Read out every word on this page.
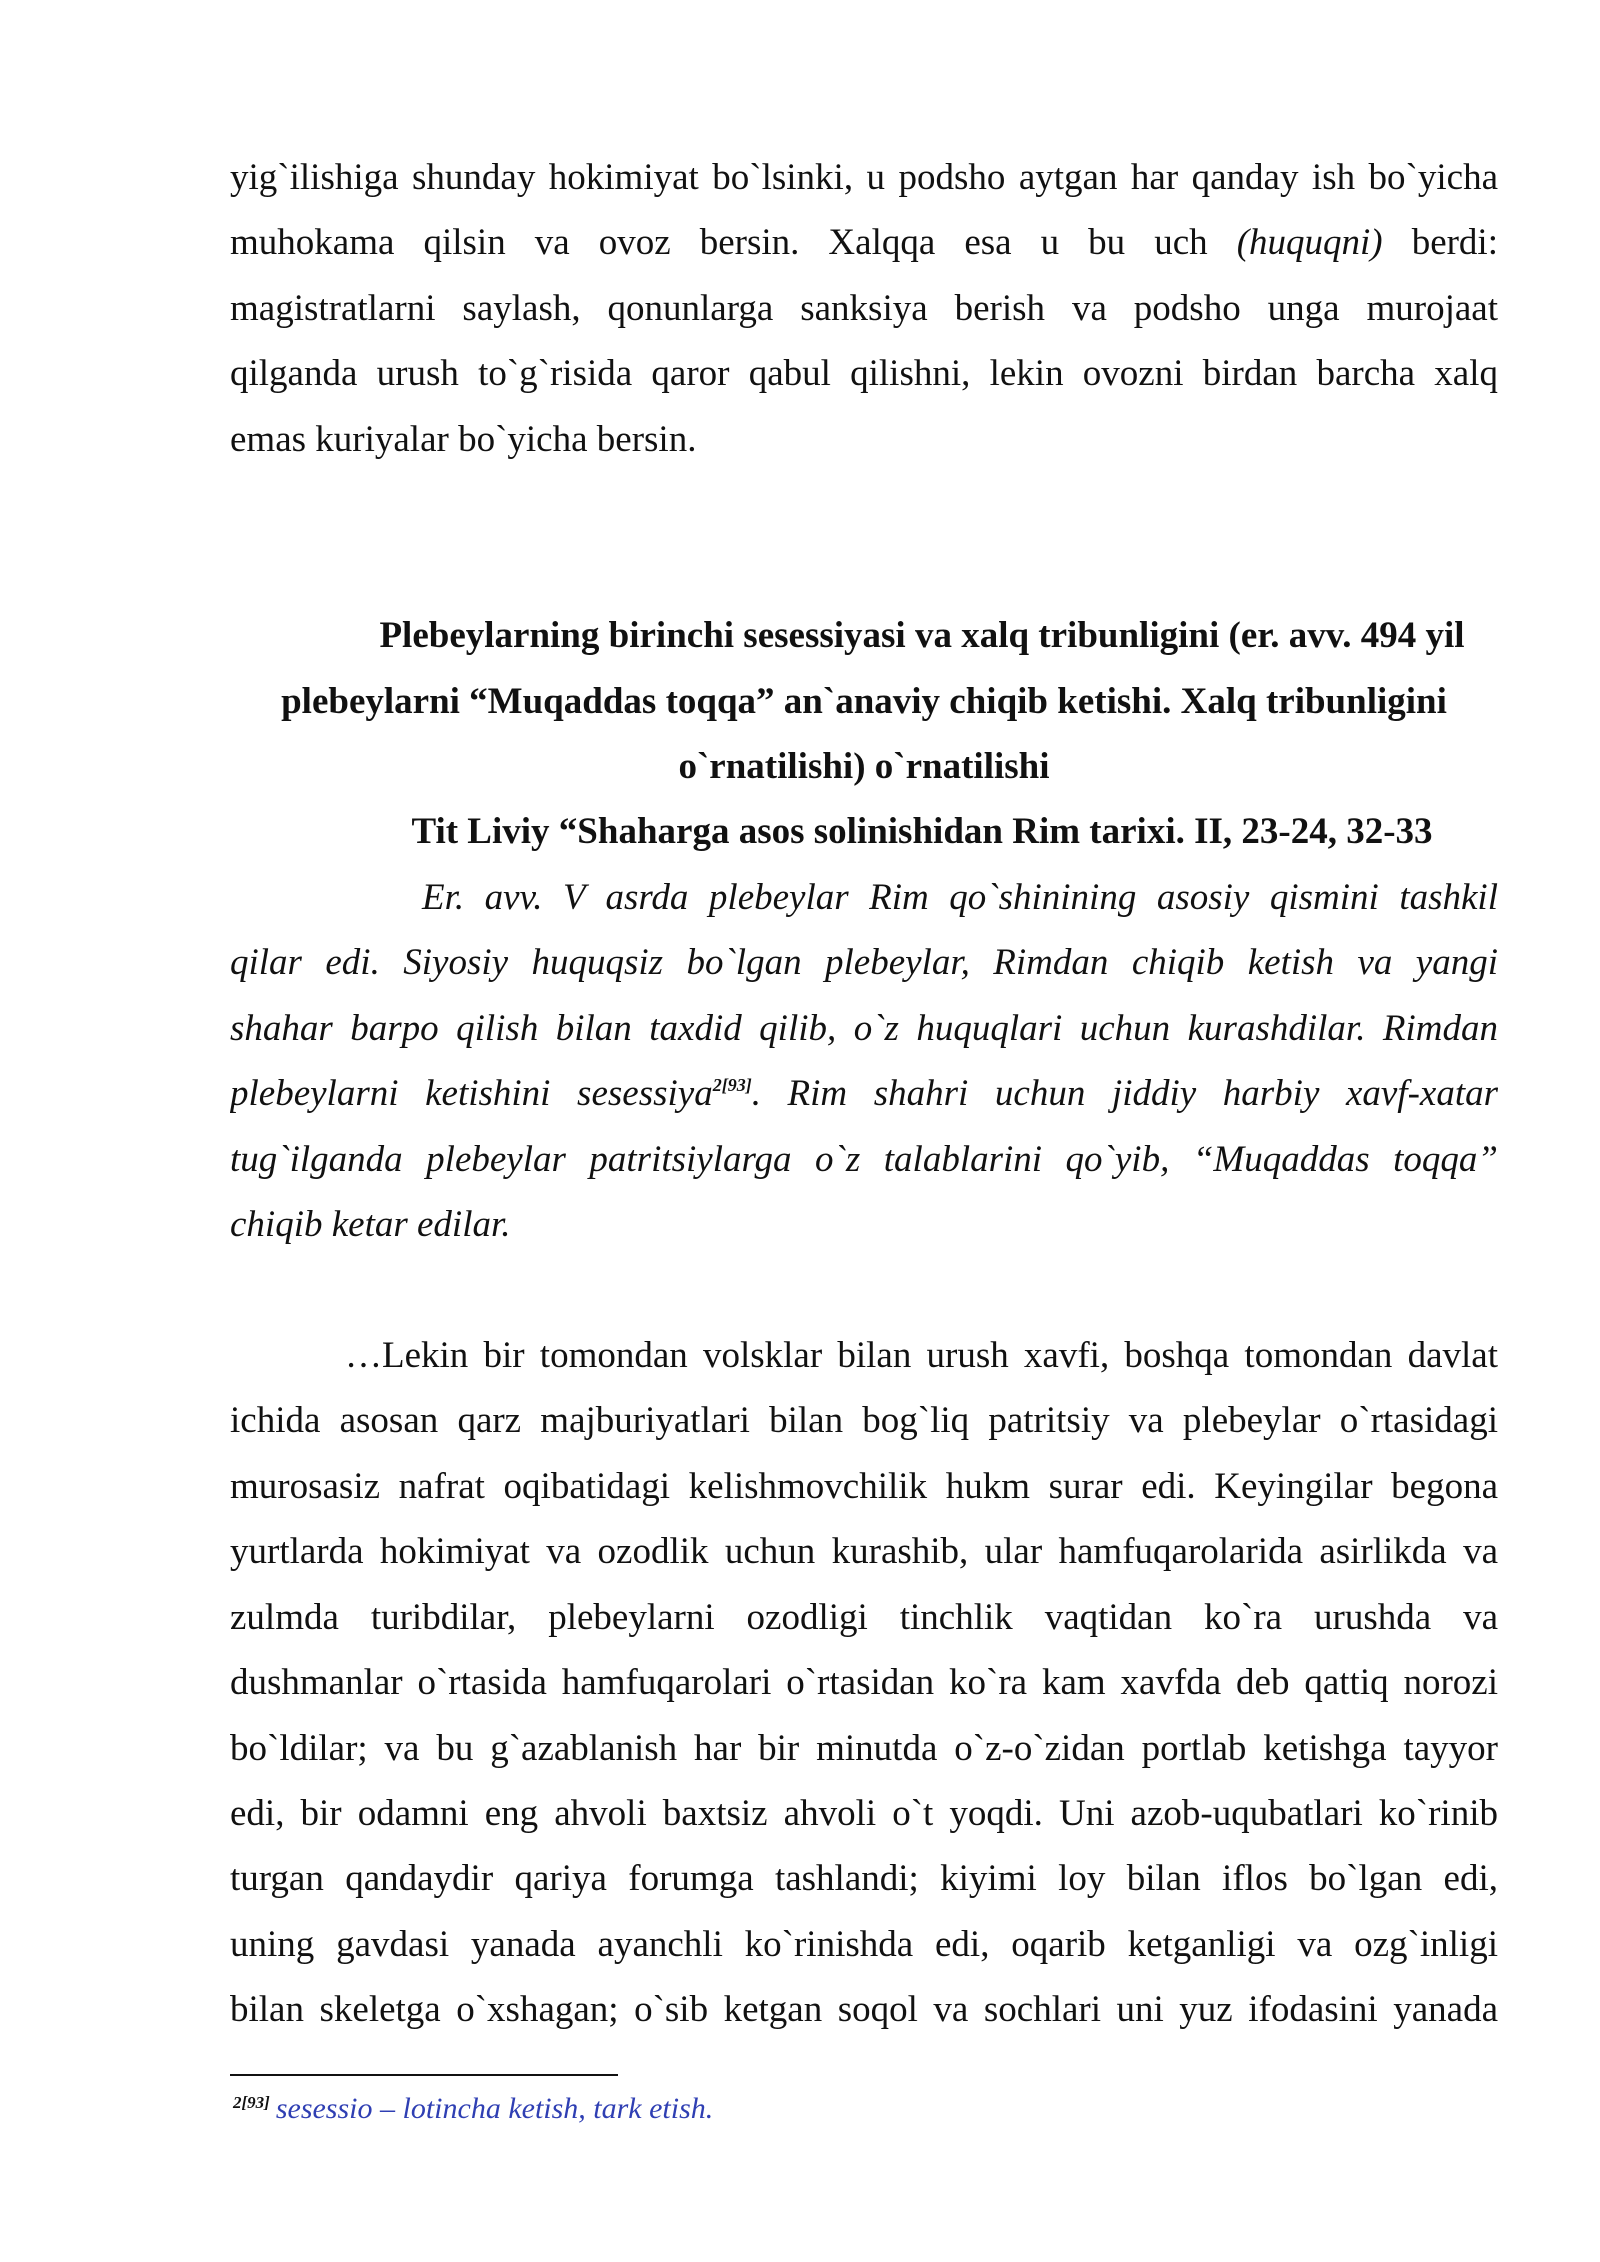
yig`ilishiga shunday hokimiyat bo`lsinki, u podsho aytgan har qanday ish bo`yicha
muhokama qilsin va ovoz bersin. Xalqqa esa u bu uch (huquqni) berdi:
magistratlarni saylash, qonunlarga sanksiya berish va podsho unga murojaat
qilganda urush to`g`risida qaror qabul qilishni, lekin ovozni birdan barcha xalq
emas kuriyalar bo`yicha bersin.
Plebeylarning birinchi sesessiyasi va xalq tribunligini (er. avv. 494 yil
plebeylarni “Muqaddas toqqa” an`anaviy chiqib ketishi. Xalq tribunligini
o`rnatilishi) o`rnatilishi
Tit Liviy “Shaharga asos solinishidan Rim tarixi. II, 23-24, 32-33
Er. avv. V asrda plebeylar Rim qo`shinining asosiy qismini tashkil
qilar edi. Siyosiy huquqsiz bo`lgan plebeylar, Rimdan chiqib ketish va yangi
shahar barpo qilish bilan taxdid qilib, o`z huquqlari uchun kurashdilar. Rimdan
plebeylarni ketishini sesessiya$^{2[93]}$. Rim shahri uchun jiddiy harbiy xavf-xatar
tug`ilganda plebeylar patritsiylarga o`z talablarini qo`yib, “Muqaddas toqqa”
chiqib ketar edilar.
…Lekin bir tomondan volsklar bilan urush xavfi, boshqa tomondan davlat
ichida asosan qarz majburiyatlari bilan bog`liq patritsiy va plebeylar o`rtasidagi
murosasiz nafrat oqibatidagi kelishmovchilik hukm surar edi. Keyingilar begona
yurtlarda hokimiyat va ozodlik uchun kurashib, ular hamfuqarolarida asirlikda va
zulmda turibdilar, plebeylarni ozodligi tinchlik vaqtidan ko`ra urushda va
dushmanlar o`rtasida hamfuqarolari o`rtasidan ko`ra kam xavfda deb qattiq norozi
bo`ldilar; va bu g`azablanish har bir minutda o`z-o`zidan portlab ketishga tayyor
edi, bir odamni eng ahvoli baxtsiz ahvoli o`t yoqdi. Uni azob-uqubatlari ko`rinib
turgan qandaydir qariya forumga tashlandi; kiyimi loy bilan iflos bo`lgan edi,
uning gavdasi yanada ayanchli ko`rinishda edi, oqarib ketganligi va ozg`inligi
bilan skeletga o`xshagan; o`sib ketgan soqol va sochlari uni yuz ifodasini yanada
2[93] sesessio – lotincha ketish, tark etish.
